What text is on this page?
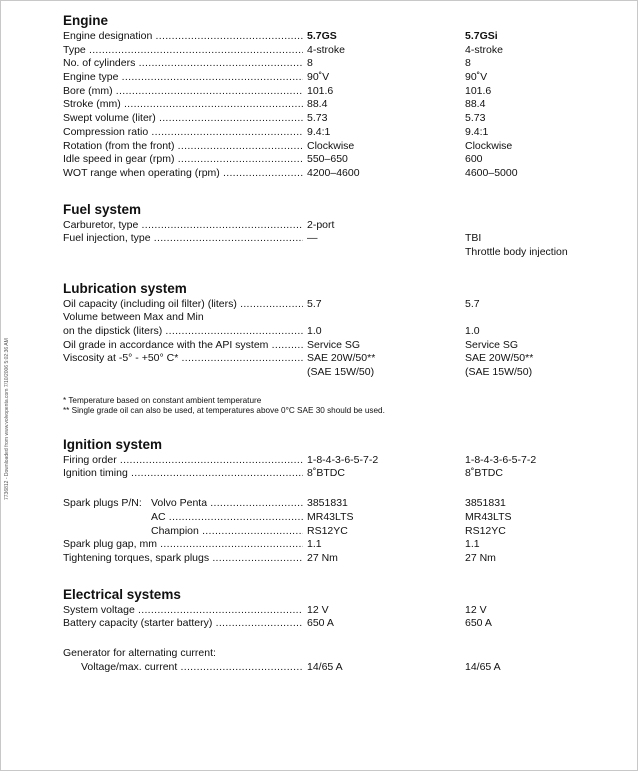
7736812 - Downloaded from www.volvopenta.com 7/10/2006 5:02:36 AM
Engine
Engine designation .....	5.7GS	5.7GSi
Type .....	4-stroke	4-stroke
No. of cylinders .....	8	8
Engine type .....	90˚V	90˚V
Bore (mm) .....	101.6	101.6
Stroke (mm) .....	88.4	88.4
Swept volume (liter) .....	5.73	5.73
Compression ratio .....	9.4:1	9.4:1
Rotation (from the front) .....	Clockwise	Clockwise
Idle speed in gear (rpm) .....	550–650	600
WOT range when operating (rpm) .....	4200–4600	4600–5000
Fuel system
Carburetor, type .....	2-port
Fuel injection, type .....	—	TBI
Throttle body injection
Lubrication system
Oil capacity (including oil filter) (liters) .....	5.7	5.7
Volume between Max and Min
on the dipstick (liters) .....	1.0	1.0
Oil grade in accordance with the API system .....	Service SG	Service SG
Viscosity at -5° - +50° C* .....	SAE 20W/50**	SAE 20W/50**
(SAE 15W/50)	(SAE 15W/50)
* Temperature based on constant ambient temperature
** Single grade oil can also be used, at temperatures above 0°C SAE 30 should be used.
Ignition system
Firing order .....	1-8-4-3-6-5-7-2	1-8-4-3-6-5-7-2
Ignition timing .....	8˚BTDC	8˚BTDC
Spark plugs P/N: Volvo Penta .....	3851831	3851831
AC .....	MR43LTS	MR43LTS
Champion .....	RS12YC	RS12YC
Spark plug gap, mm .....	1.1	1.1
Tightening torques, spark plugs .....	27 Nm	27 Nm
Electrical systems
System voltage .....	12 V	12 V
Battery capacity (starter battery) .....	650 A	650 A
Generator for alternating current:
Voltage/max. current .....	14/65 A	14/65 A
